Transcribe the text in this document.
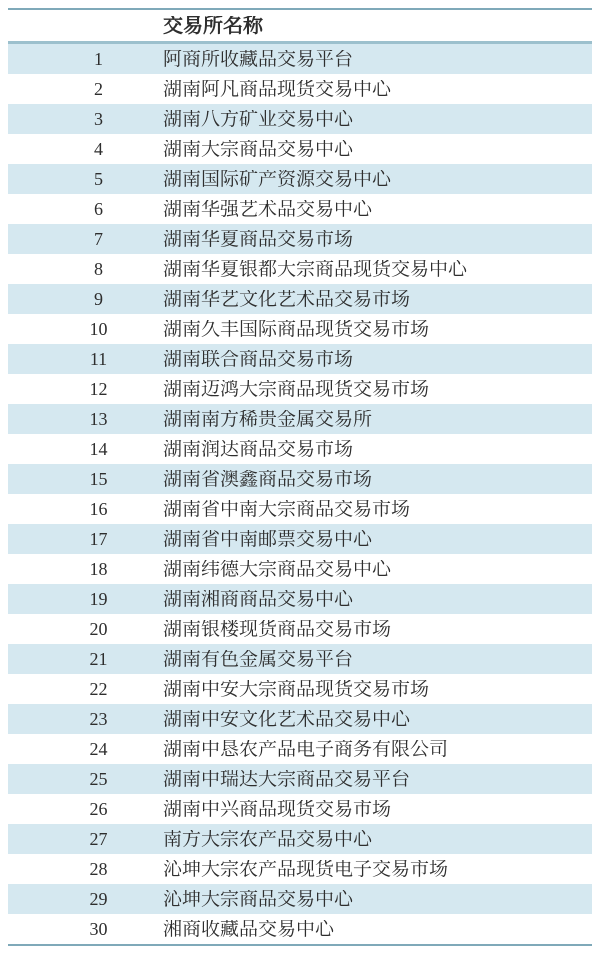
交易所名称
1	阿商所收藏品交易平台
2	湖南阿凡商品现货交易中心
3	湖南八方矿业交易中心
4	湖南大宗商品交易中心
5	湖南国际矿产资源交易中心
6	湖南华强艺术品交易中心
7	湖南华夏商品交易市场
8	湖南华夏银都大宗商品现货交易中心
9	湖南华艺文化艺术品交易市场
10	湖南久丰国际商品现货交易市场
11	湖南联合商品交易市场
12	湖南迈鸿大宗商品现货交易市场
13	湖南南方稀贵金属交易所
14	湖南润达商品交易市场
15	湖南省澳鑫商品交易市场
16	湖南省中南大宗商品交易市场
17	湖南省中南邮票交易中心
18	湖南纬德大宗商品交易中心
19	湖南湘商商品交易中心
20	湖南银楼现货商品交易市场
21	湖南有色金属交易平台
22	湖南中安大宗商品现货交易市场
23	湖南中安文化艺术品交易中心
24	湖南中恳农产品电子商务有限公司
25	湖南中瑞达大宗商品交易平台
26	湖南中兴商品现货交易市场
27	南方大宗农产品交易中心
28	沁坤大宗农产品现货电子交易市场
29	沁坤大宗商品交易中心
30	湘商收藏品交易中心
